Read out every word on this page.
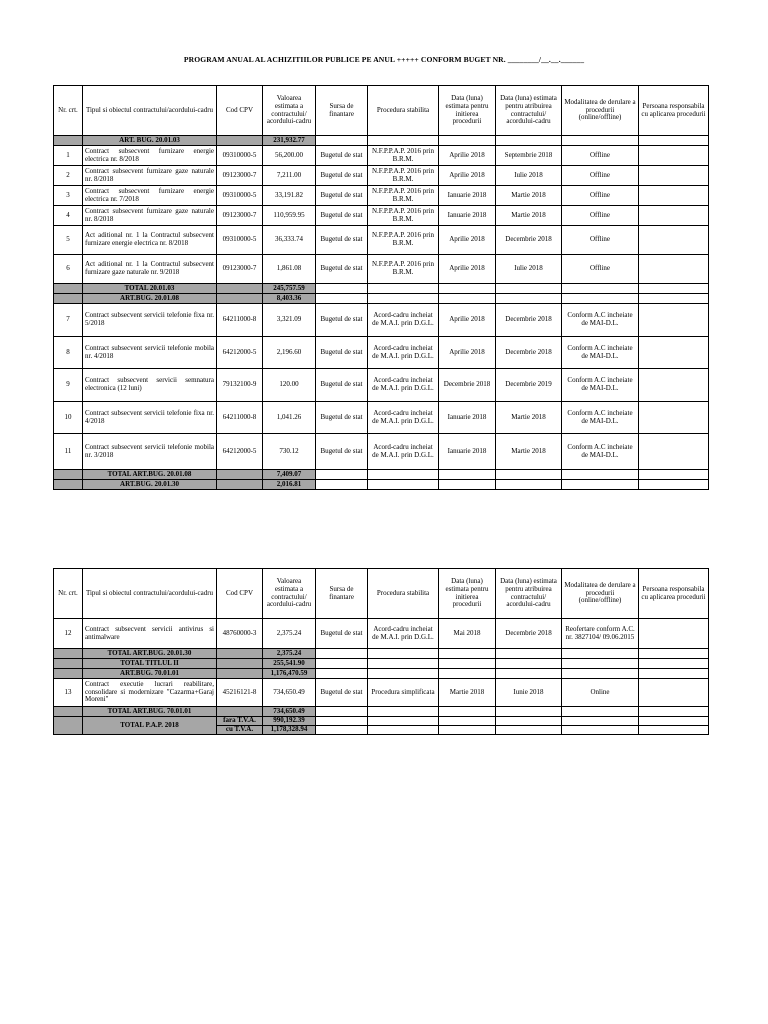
PROGRAM ANUAL AL ACHIZITIILOR PUBLICE PE ANUL +++++ CONFORM BUGET NR. ________/__.__.______
Nr. crt.	Tipul si obiectul contractului/acordului-cadru	Cod CPV	Valoarea estimata a contractului/ acordului-cadru	Sursa de finantare	Procedura stabilita	Data (luna) estimata pentru initierea procedurii	Data (luna) estimata pentru atribuirea contractului/ acordului-cadru	Modalitatea de derulare a procedurii (online/offline)	Persoana responsabila cu aplicarea procedurii
	ART. BUG. 20.01.03		231,932.77						
1	Contract subsecvent furnizare energie electrica nr. 8/2018	09310000-5	56,200.00	Bugetul de stat	N.F.P.P.A.P. 2016 prin B.R.M.	Aprilie 2018	Septembrie 2018	Offline	
2	Contract subsecvent furnizare gaze naturale nr. 8/2018	09123000-7	7,211.00	Bugetul de stat	N.F.P.P.A.P. 2016 prin B.R.M.	Aprilie 2018	Iulie 2018	Offline	
3	Contract subsecvent furnizare energie electrica nr. 7/2018	09310000-5	33,191.82	Bugetul de stat	N.F.P.P.A.P. 2016 prin B.R.M.	Ianuarie 2018	Martie 2018	Offline	
4	Contract subsecvent furnizare gaze naturale nr. 8/2018	09123000-7	110,959.95	Bugetul de stat	N.F.P.P.A.P. 2016 prin B.R.M.	Ianuarie 2018	Martie 2018	Offline	
5	Act aditional nr. 1 la Contractul subsecvent furnizare energie electrica nr. 8/2018	09310000-5	36,333.74	Bugetul de stat	N.F.P.P.A.P. 2016 prin B.R.M.	Aprilie 2018	Decembrie 2018	Offline	
6	Act aditional nr. 1 la Contractul subsecvent furnizare gaze naturale nr. 9/2018	09123000-7	1,861.08	Bugetul de stat	N.F.P.P.A.P. 2016 prin B.R.M.	Aprilie 2018	Iulie 2018	Offline	
	TOTAL 20.01.03		245,757.59						
	ART.BUG. 20.01.08		8,403.36						
7	Contract subsecvent servicii telefonie fixa nr. 5/2018	64211000-8	3,321.09	Bugetul de stat	Acord-cadru incheiat de M.A.I. prin D.G.L.	Aprilie 2018	Decembrie 2018	Conform A.C incheiate de MAI-D.L.	
8	Contract subsecvent servicii telefonie mobila nr. 4/2018	64212000-5	2,196.60	Bugetul de stat	Acord-cadru incheiat de M.A.I. prin D.G.L.	Aprilie 2018	Decembrie 2018	Conform A.C incheiate de MAI-D.L.	
9	Contract subsecvent servicii semnatura electronica (12 luni)	79132100-9	120.00	Bugetul de stat	Acord-cadru incheiat de M.A.I. prin D.G.L.	Decembrie 2018	Decembrie 2019	Conform A.C incheiate de MAI-D.L.	
10	Contract subsecvent servicii telefonie fixa nr. 4/2018	64211000-8	1,041.26	Bugetul de stat	Acord-cadru incheiat de M.A.I. prin D.G.L.	Ianuarie 2018	Martie 2018	Conform A.C incheiate de MAI-D.L.	
11	Contract subsecvent servicii telefonie mobila nr. 3/2018	64212000-5	730.12	Bugetul de stat	Acord-cadru incheiat de M.A.I. prin D.G.L.	Ianuarie 2018	Martie 2018	Conform A.C incheiate de MAI-D.L.	
	TOTAL ART.BUG. 20.01.08		7,409.07						
	ART.BUG. 20.01.30		2,016.81						
Nr. crt.	Tipul si obiectul contractului/acordului-cadru	Cod CPV	Valoarea estimata a contractului/ acordului-cadru	Sursa de finantare	Procedura stabilita	Data (luna) estimata pentru initierea procedurii	Data (luna) estimata pentru atribuirea contractului/ acordului-cadru	Modalitatea de derulare a procedurii (online/offline)	Persoana responsabila cu aplicarea procedurii
12	Contract subsecvent servicii antivirus si antimalware	48760000-3	2,375.24	Bugetul de stat	Acord-cadru incheiat de M.A.I. prin D.G.L.	Mai 2018	Decembrie 2018	Reofertare conform A.C. nr. 3827104/ 09.06.2015	
	TOTAL ART.BUG. 20.01.30		2,375.24						
	TOTAL TITLUL II		255,541.90						
	ART.BUG. 70.01.01		1,176,470.59						
13	Contract executie lucrari reabilitare, consolidare si modernizare "Cazarma+Garaj Moreni"	45216121-8	734,650.49	Bugetul de stat	Procedura simplificata	Martie 2018	Iunie 2018	Online	
	TOTAL ART.BUG. 70.01.01		734,650.49						
	TOTAL P.A.P. 2018	fara T.V.A.	990,192.39						
		cu T.V.A.	1,178,328.94						
